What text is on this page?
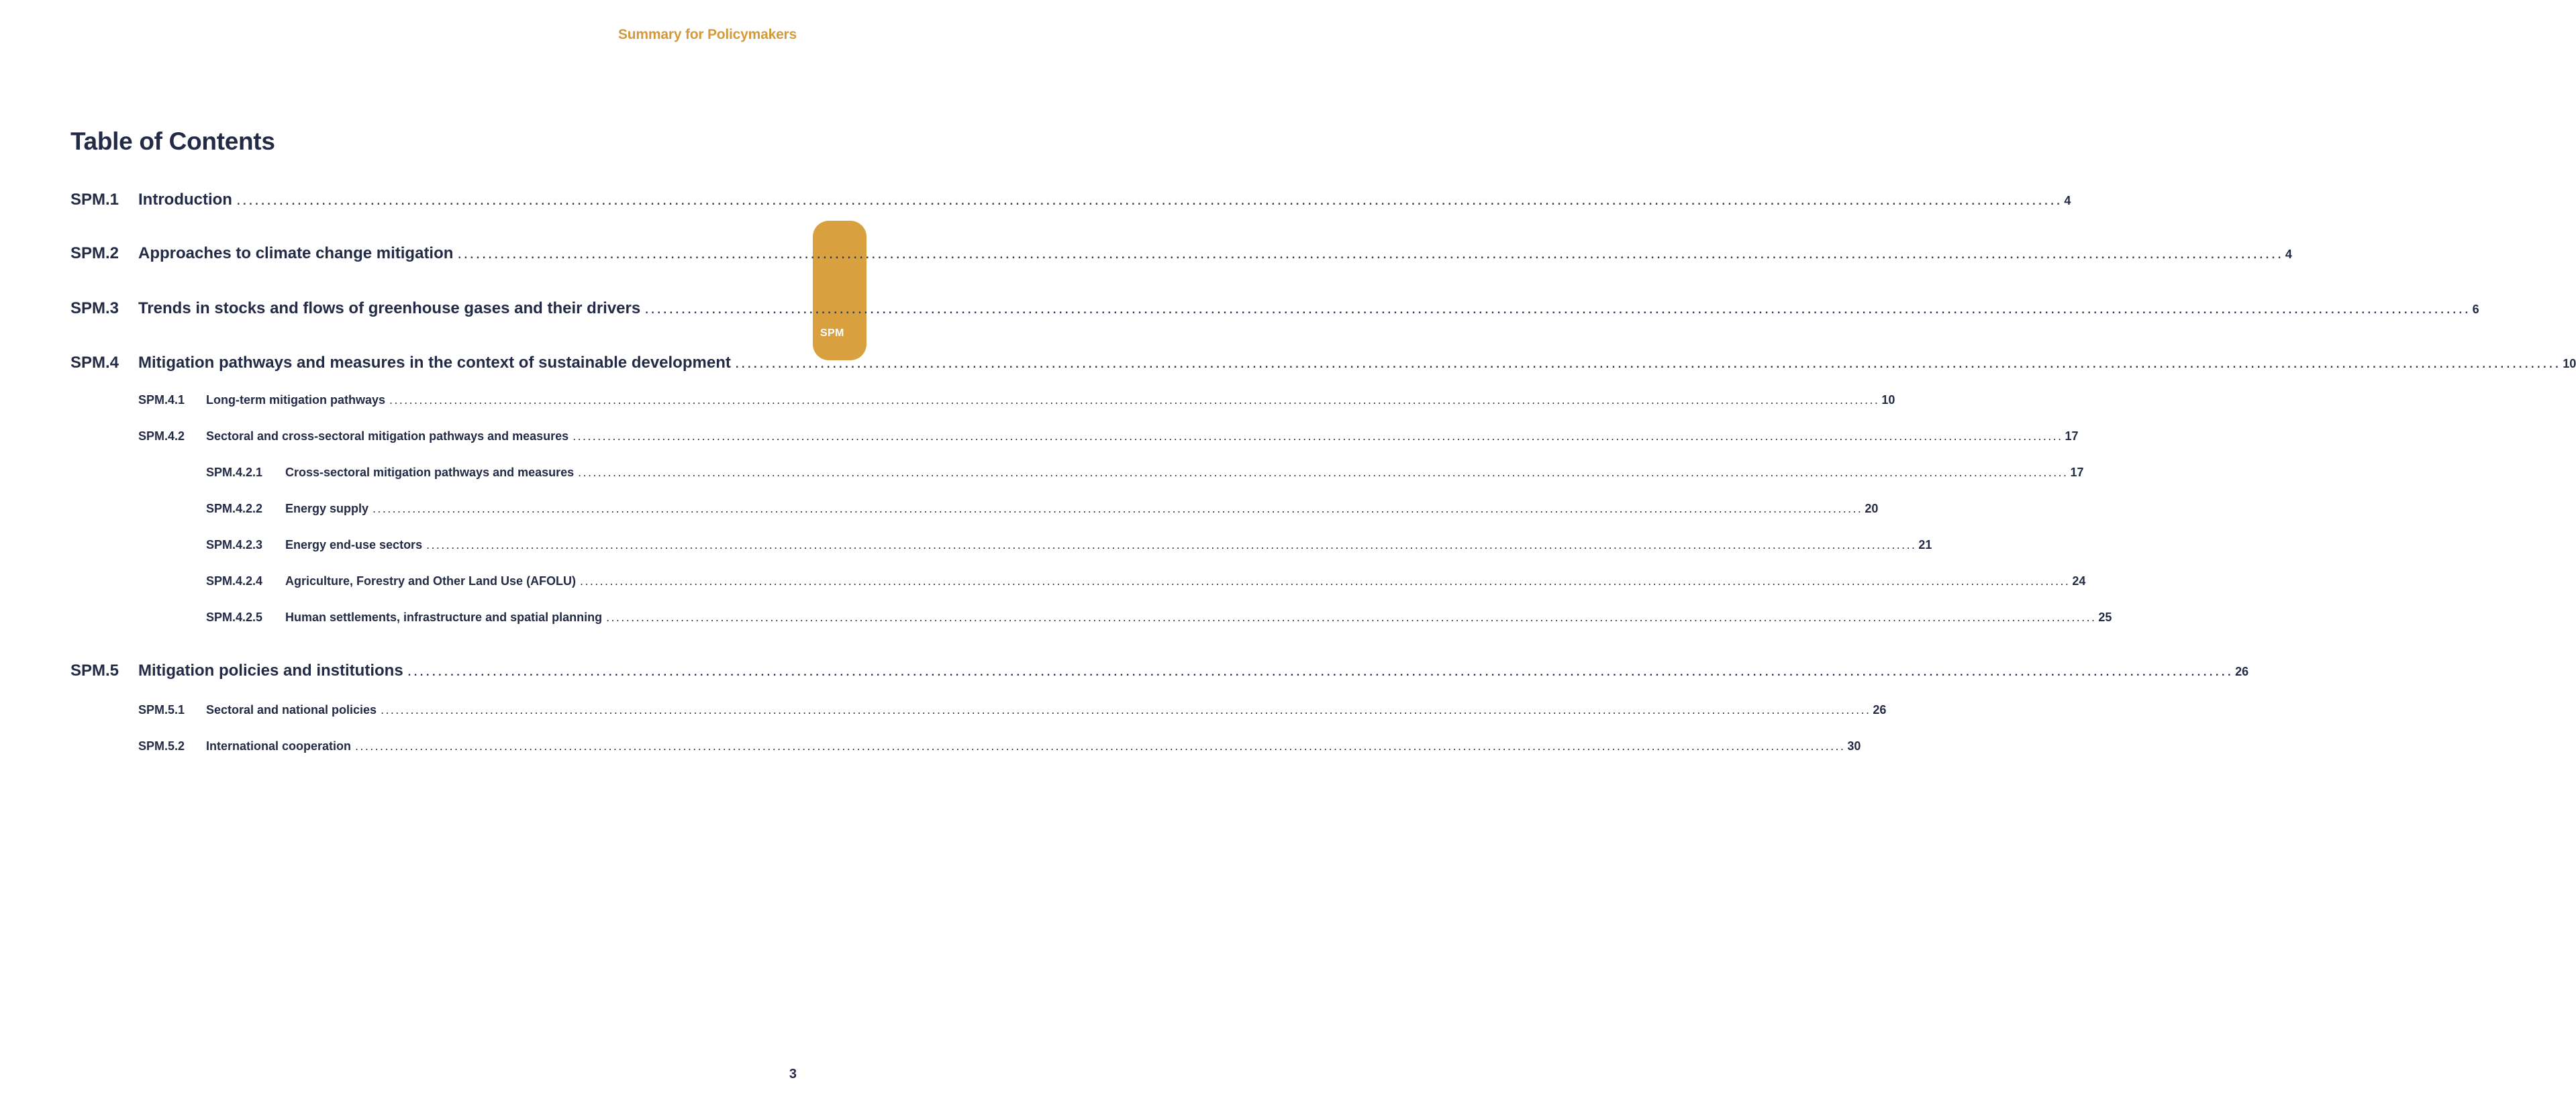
Summary for Policymakers
SPM
Table of Contents
SPM.1 Introduction ............................................................................................................................................................................................................................................................................................................ 4
SPM.2 Approaches to climate change mitigation ............................................................................................................................................................................................................................................................................................................ 4
SPM.3 Trends in stocks and flows of greenhouse gases and their drivers ............................................................................................................................................................................................................................................................................................................ 6
SPM.4 Mitigation pathways and measures in the context of sustainable development ............................................................................................................................................................................................................................................................................................................ 10
SPM.4.1 Long-term mitigation pathways ............................................................................................................................................................................................................................................................................................................ 10
SPM.4.2 Sectoral and cross-sectoral mitigation pathways and measures ............................................................................................................................................................................................................................................................................................................ 17
SPM.4.2.1 Cross-sectoral mitigation pathways and measures ............................................................................................................................................................................................................................................................................................................ 17
SPM.4.2.2 Energy supply ............................................................................................................................................................................................................................................................................................................ 20
SPM.4.2.3 Energy end-use sectors ............................................................................................................................................................................................................................................................................................................ 21
SPM.4.2.4 Agriculture, Forestry and Other Land Use (AFOLU) ............................................................................................................................................................................................................................................................................................................ 24
SPM.4.2.5 Human settlements, infrastructure and spatial planning ............................................................................................................................................................................................................................................................................................................ 25
SPM.5 Mitigation policies and institutions ............................................................................................................................................................................................................................................................................................................ 26
SPM.5.1 Sectoral and national policies ............................................................................................................................................................................................................................................................................................................ 26
SPM.5.2 International cooperation ............................................................................................................................................................................................................................................................................................................ 30
3
